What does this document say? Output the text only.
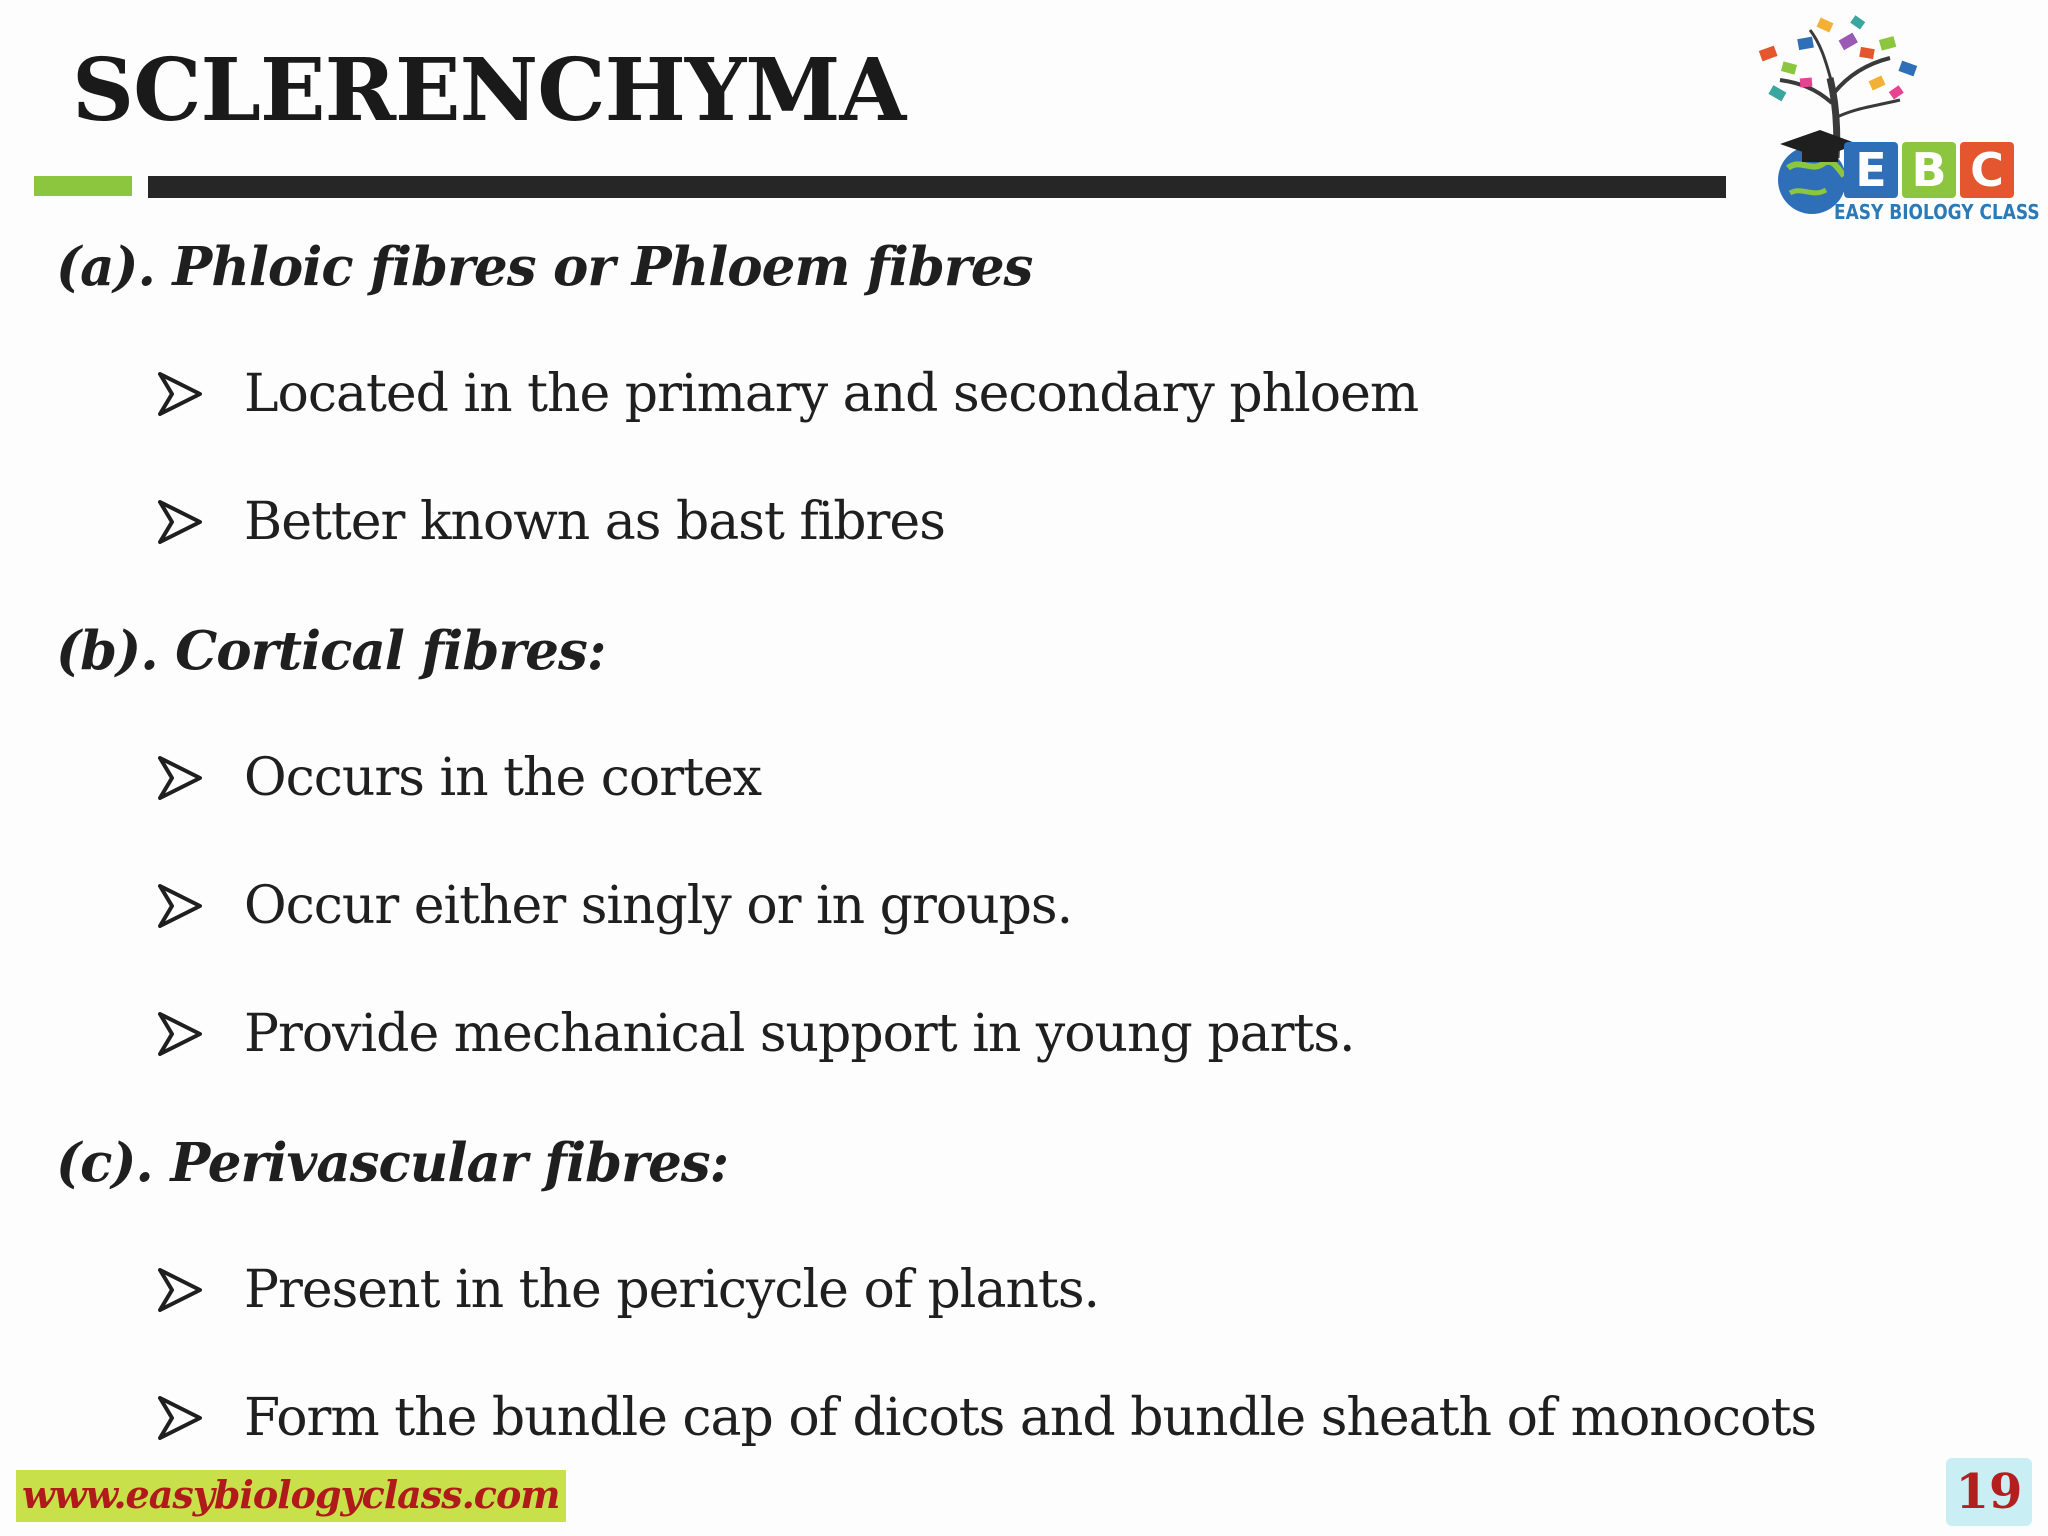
SCLERENCHYMA
E B C
EASY BIOLOGY CLASS
(a). Phloic fibres or Phloem fibres
Located in the primary and secondary phloem
Better known as bast fibres
(b). Cortical fibres:
Occurs in the cortex
Occur either singly or in groups.
Provide mechanical support in young parts.
(c). Perivascular fibres:
Present in the pericycle of plants.
Form the bundle cap of dicots and bundle sheath of monocots
www.easybiologyclass.com	19
